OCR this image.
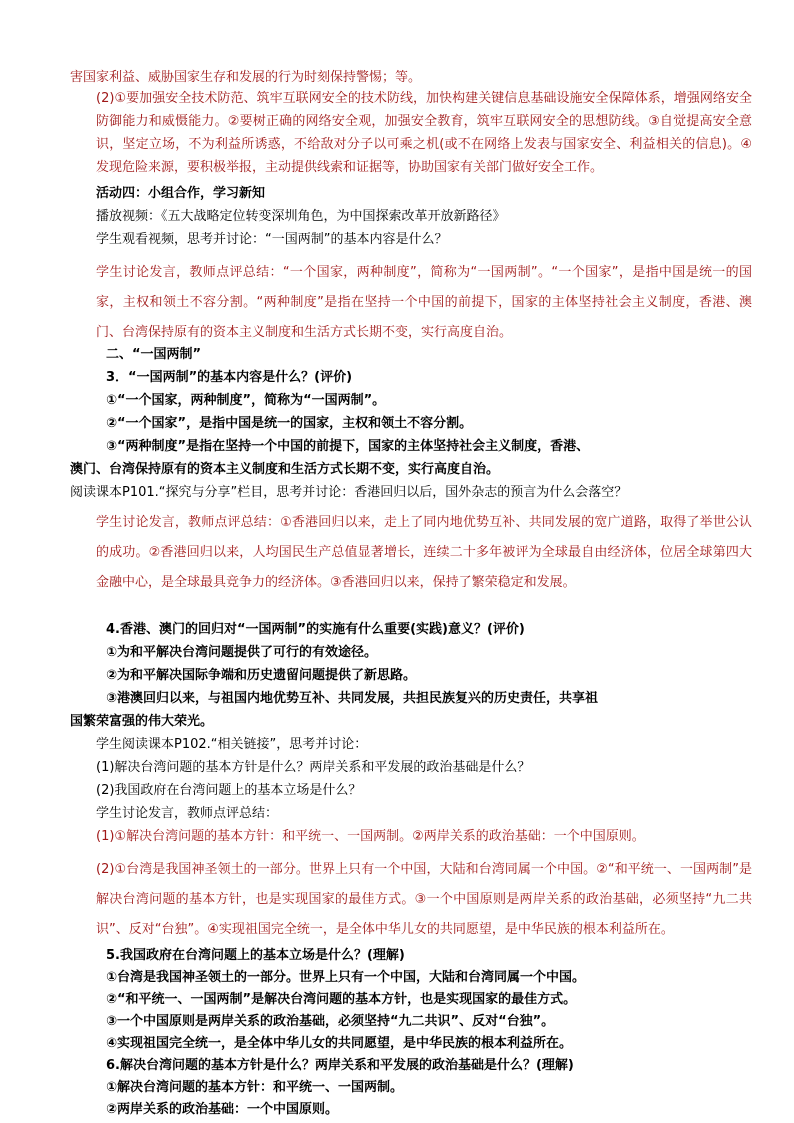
害国家利益、威胁国家生存和发展的行为时刻保持警惕；等。
(2)①要加强安全技术防范、筑牢互联网安全的技术防线，加快构建关键信息基础设施安全保障体系，增强网络安全防御能力和威慑能力。②要树正确的网络安全观，加强安全教育，筑牢互联网安全的思想防线。③自觉提高安全意识，坚定立场，不为利益所诱惑，不给敌对分子以可乘之机(或不在网络上发表与国家安全、利益相关的信息)。④发现危险来源，要积极举报，主动提供线索和证据等，协助国家有关部门做好安全工作。
活动四：小组合作，学习新知
播放视频：《五大战略定位转变深圳角色，为中国探索改革开放新路径》
学生观看视频，思考并讨论：“一国两制”的基本内容是什么？
学生讨论发言，教师点评总结：“一个国家，两种制度”，简称为“一国两制”。“一个国家”，是指中国是统一的国家，主权和领土不容分割。“两种制度”是指在坚持一个中国的前提下，国家的主体坚持社会主义制度，香港、澳门、台湾保持原有的资本主义制度和生活方式长期不变，实行高度自治。
二、“一国两制”
3．“一国两制”的基本内容是什么？(评价)
①“一个国家，两种制度”，简称为“一国两制”。
②“一个国家”，是指中国是统一的国家，主权和领土不容分割。
③“两种制度”是指在坚持一个中国的前提下，国家的主体坚持社会主义制度，香港、
澳门、台湾保持原有的资本主义制度和生活方式长期不变，实行高度自治。
阅读课本P101.“探究与分享”栏目，思考并讨论：香港回归以后，国外杂志的预言为什么会落空？
学生讨论发言，教师点评总结：①香港回归以来，走上了同内地优势互补、共同发展的宽广道路，取得了举世公认的成功。②香港回归以来，人均国民生产总值显著增长，连续二十多年被评为全球最自由经济体，位居全球第四大金融中心，是全球最具竞争力的经济体。③香港回归以来，保持了繁荣稳定和发展。
4.香港、澳门的回归对“一国两制”的实施有什么重要(实践)意义？(评价)
①为和平解决台湾问题提供了可行的有效途径。
②为和平解决国际争端和历史遗留问题提供了新思路。
③港澳回归以来，与祖国内地优势互补、共同发展，共担民族复兴的历史责任，共享祖
国繁荣富强的伟大荣光。
学生阅读课本P102.“相关链接”，思考并讨论：
(1)解决台湾问题的基本方针是什么？两岸关系和平发展的政治基础是什么？
(2)我国政府在台湾问题上的基本立场是什么？
学生讨论发言，教师点评总结：
(1)①解决台湾问题的基本方针：和平统一、一国两制。②两岸关系的政治基础：一个中国原则。
(2)①台湾是我国神圣领土的一部分。世界上只有一个中国，大陆和台湾同属一个中国。②“和平统一、一国两制”是解决台湾问题的基本方针，也是实现国家的最佳方式。③一个中国原则是两岸关系的政治基础，必须坚持“九二共识”、反对“台独”。④实现祖国完全统一，是全体中华儿女的共同愿望，是中华民族的根本利益所在。
5.我国政府在台湾问题上的基本立场是什么？(理解)
①台湾是我国神圣领土的一部分。世界上只有一个中国，大陆和台湾同属一个中国。
②“和平统一、一国两制”是解决台湾问题的基本方针，也是实现国家的最佳方式。
③一个中国原则是两岸关系的政治基础，必须坚持“九二共识”、反对“台独”。
④实现祖国完全统一，是全体中华儿女的共同愿望，是中华民族的根本利益所在。
6.解决台湾问题的基本方针是什么？两岸关系和平发展的政治基础是什么？(理解)
①解决台湾问题的基本方针：和平统一、一国两制。
②两岸关系的政治基础：一个中国原则。
